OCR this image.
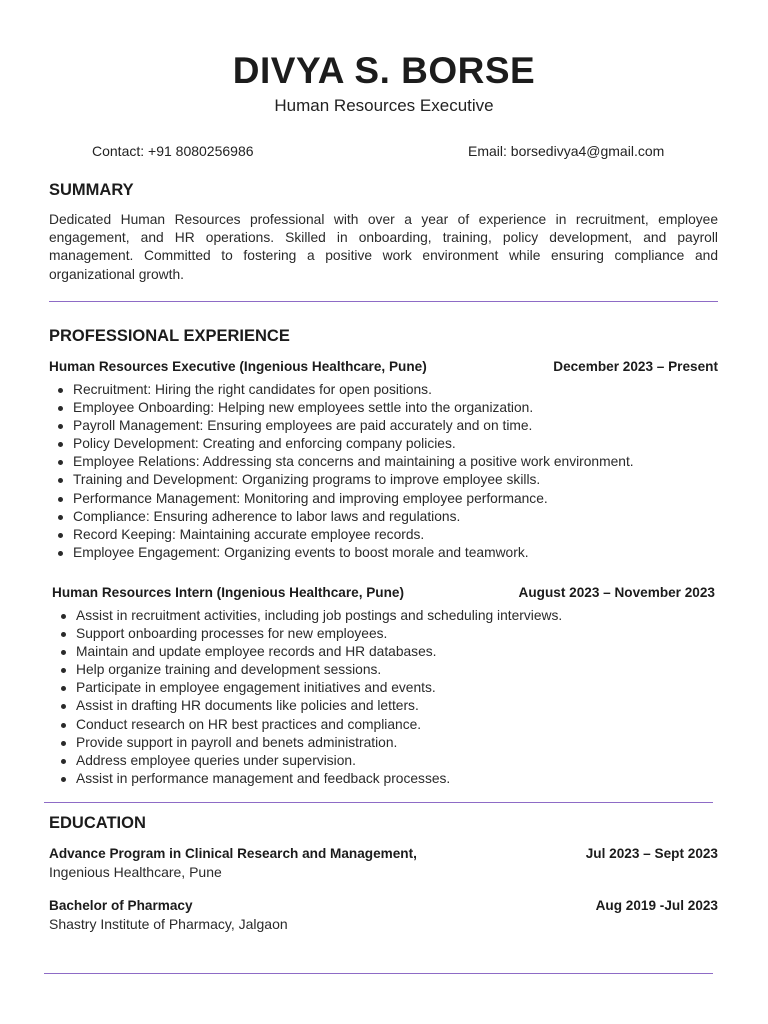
DIVYA S. BORSE
Human Resources Executive
Contact: +91 8080256986	Email: borsedivya4@gmail.com
SUMMARY
Dedicated Human Resources professional with over a year of experience in recruitment, employee engagement, and HR operations. Skilled in onboarding, training, policy development, and payroll management. Committed to fostering a positive work environment while ensuring compliance and organizational growth.
PROFESSIONAL EXPERIENCE
Human Resources Executive (Ingenious Healthcare, Pune)	December 2023 – Present
Recruitment: Hiring the right candidates for open positions.
Employee Onboarding: Helping new employees settle into the organization.
Payroll Management: Ensuring employees are paid accurately and on time.
Policy Development: Creating and enforcing company policies.
Employee Relations: Addressing sta concerns and maintaining a positive work environment.
Training and Development: Organizing programs to improve employee skills.
Performance Management: Monitoring and improving employee performance.
Compliance: Ensuring adherence to labor laws and regulations.
Record Keeping: Maintaining accurate employee records.
Employee Engagement: Organizing events to boost morale and teamwork.
Human Resources Intern (Ingenious Healthcare, Pune)	August 2023 – November 2023
Assist in recruitment activities, including job postings and scheduling interviews.
Support onboarding processes for new employees.
Maintain and update employee records and HR databases.
Help organize training and development sessions.
Participate in employee engagement initiatives and events.
Assist in drafting HR documents like policies and letters.
Conduct research on HR best practices and compliance.
Provide support in payroll and benets administration.
Address employee queries under supervision.
Assist in performance management and feedback processes.
EDUCATION
Advance Program in Clinical Research and Management,	Jul 2023 – Sept 2023
Ingenious Healthcare, Pune
Bachelor of Pharmacy	Aug 2019 -Jul 2023
Shastry Institute of Pharmacy, Jalgaon
